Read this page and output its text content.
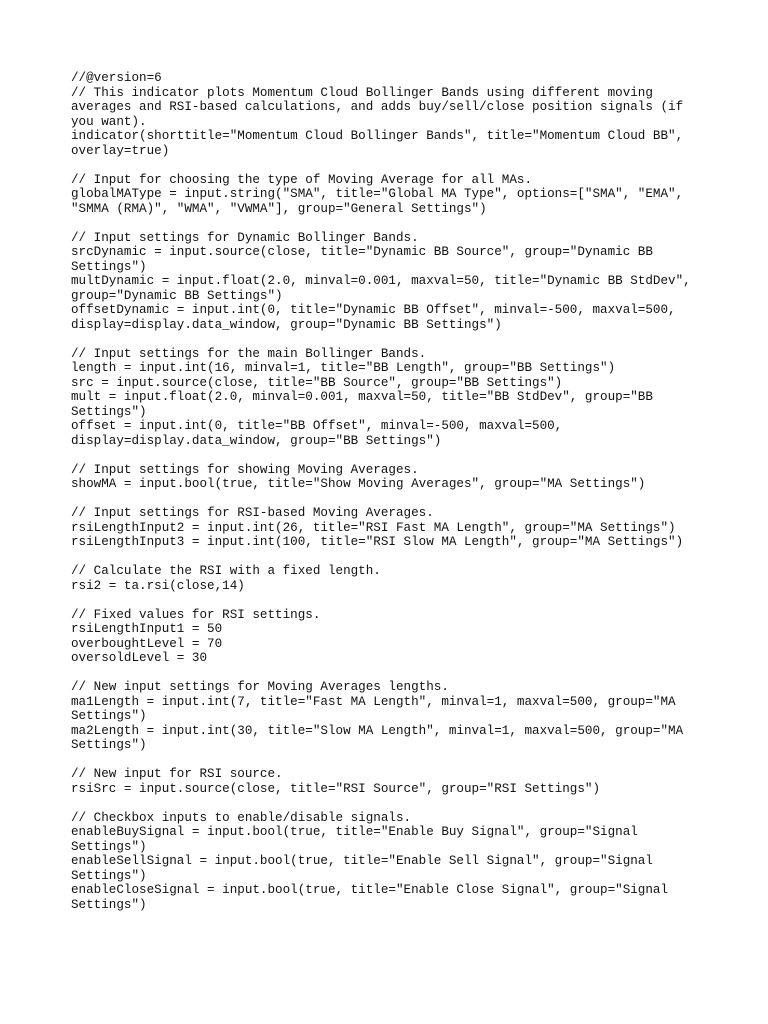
//@version=6
// This indicator plots Momentum Cloud Bollinger Bands using different moving
averages and RSI-based calculations, and adds buy/sell/close position signals (if
you want).
indicator(shorttitle="Momentum Cloud Bollinger Bands", title="Momentum Cloud BB",
overlay=true)
// Input for choosing the type of Moving Average for all MAs.
globalMAType = input.string("SMA", title="Global MA Type", options=["SMA", "EMA",
"SMMA (RMA)", "WMA", "VWMA"], group="General Settings")
// Input settings for Dynamic Bollinger Bands.
srcDynamic = input.source(close, title="Dynamic BB Source", group="Dynamic BB
Settings")
multDynamic = input.float(2.0, minval=0.001, maxval=50, title="Dynamic BB StdDev",
group="Dynamic BB Settings")
offsetDynamic = input.int(0, title="Dynamic BB Offset", minval=-500, maxval=500,
display=display.data_window, group="Dynamic BB Settings")
// Input settings for the main Bollinger Bands.
length = input.int(16, minval=1, title="BB Length", group="BB Settings")
src = input.source(close, title="BB Source", group="BB Settings")
mult = input.float(2.0, minval=0.001, maxval=50, title="BB StdDev", group="BB
Settings")
offset = input.int(0, title="BB Offset", minval=-500, maxval=500,
display=display.data_window, group="BB Settings")
// Input settings for showing Moving Averages.
showMA = input.bool(true, title="Show Moving Averages", group="MA Settings")
// Input settings for RSI-based Moving Averages.
rsiLengthInput2 = input.int(26, title="RSI Fast MA Length", group="MA Settings")
rsiLengthInput3 = input.int(100, title="RSI Slow MA Length", group="MA Settings")
// Calculate the RSI with a fixed length.
rsi2 = ta.rsi(close,14)
// Fixed values for RSI settings.
rsiLengthInput1 = 50
overboughtLevel = 70
oversoldLevel = 30
// New input settings for Moving Averages lengths.
ma1Length = input.int(7, title="Fast MA Length", minval=1, maxval=500, group="MA
Settings")
ma2Length = input.int(30, title="Slow MA Length", minval=1, maxval=500, group="MA
Settings")
// New input for RSI source.
rsiSrc = input.source(close, title="RSI Source", group="RSI Settings")
// Checkbox inputs to enable/disable signals.
enableBuySignal = input.bool(true, title="Enable Buy Signal", group="Signal
Settings")
enableSellSignal = input.bool(true, title="Enable Sell Signal", group="Signal
Settings")
enableCloseSignal = input.bool(true, title="Enable Close Signal", group="Signal
Settings")
